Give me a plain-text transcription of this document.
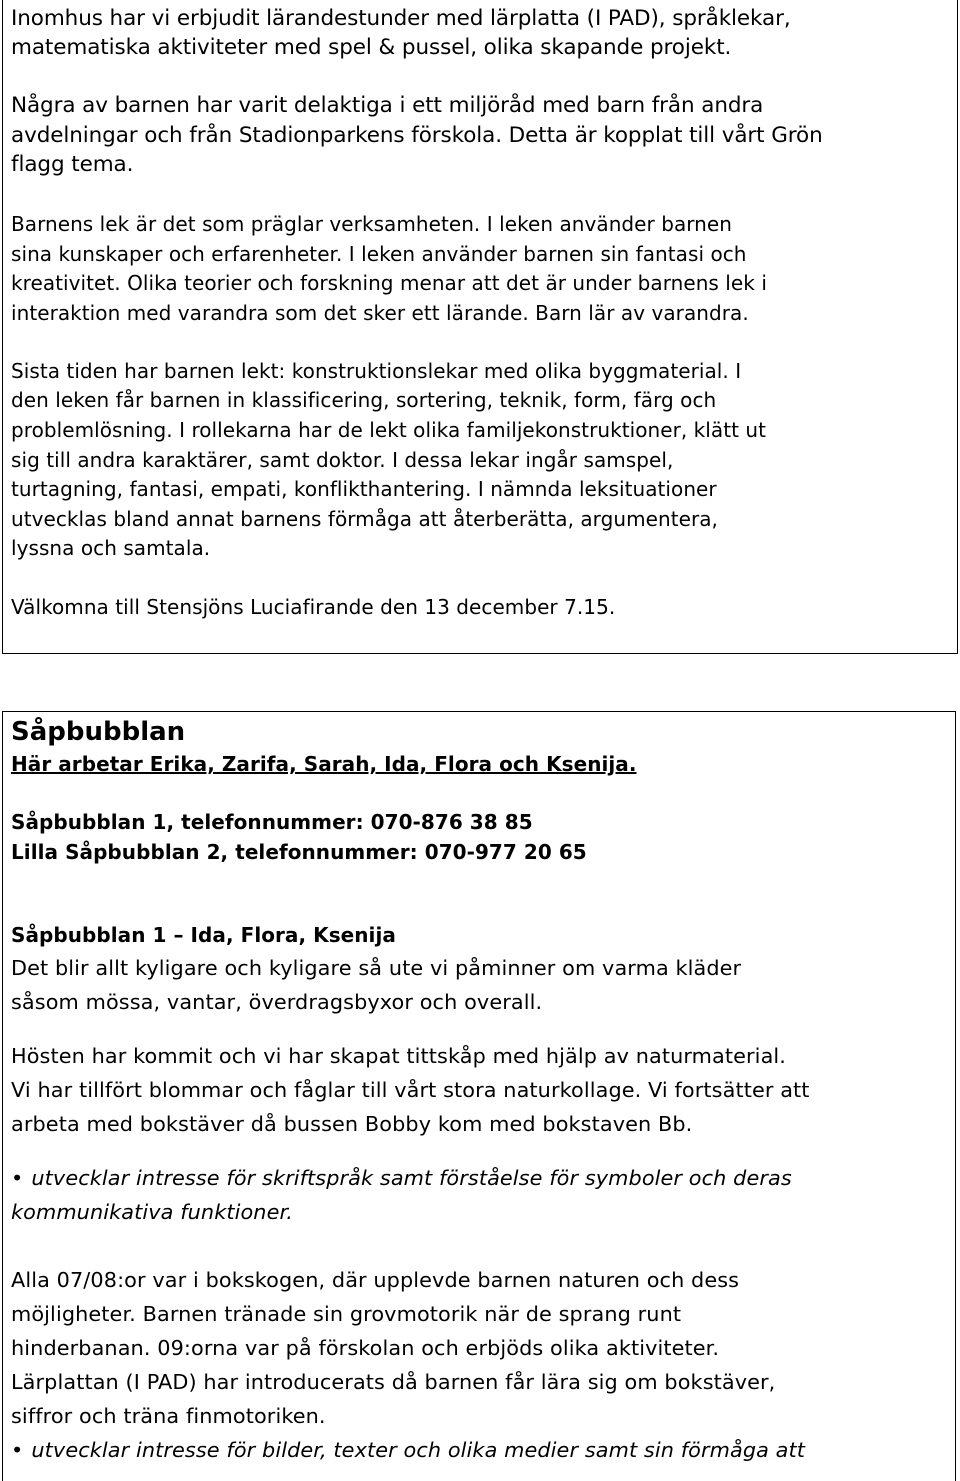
Inomhus har vi erbjudit lärandestunder med lärplatta (I PAD), språklekar,

matematiska aktiviteter med spel & pussel, olika skapande projekt.

Några av barnen har varit delaktiga i ett miljöråd med barn från andra

avdelningar och från Stadionparkens förskola. Detta är kopplat till vårt Grön

flagg tema.

Barnens lek är det som präglar verksamheten. I leken använder barnen

sina kunskaper och erfarenheter. I leken använder barnen sin fantasi och

kreativitet. Olika teorier och forskning menar att det är under barnens lek i

interaktion med varandra som det sker ett lärande. Barn lär av varandra.

Sista tiden har barnen lekt: konstruktionslekar med olika byggmaterial. I

den leken får barnen in klassificering, sortering, teknik, form, färg och

problemlösning. I rollekarna har de lekt olika familjekonstruktioner, klätt ut

sig till andra karaktärer, samt doktor. I dessa lekar ingår samspel,

turtagning, fantasi, empati, konflikthantering. I nämnda leksituationer

utvecklas bland annat barnens förmåga att återberätta, argumentera,

lyssna och samtala.

Välkomna till Stensjöns Luciafirande den 13 december 7.15.

Såpbubblan

Här arbetar Erika, Zarifa, Sarah, Ida, Flora och Ksenija.

Såpbubblan 1, telefonnummer: 070-876 38 85

Lilla Såpbubblan 2, telefonnummer: 070-977 20 65

Såpbubblan 1 – Ida, Flora, Ksenija

Det blir allt kyligare och kyligare så ute vi påminner om varma kläder

såsom mössa, vantar, överdragsbyxor och overall.

Hösten har kommit och vi har skapat tittskåp med hjälp av naturmaterial.

Vi har tillfört blommar och fåglar till vårt stora naturkollage. Vi fortsätter att

arbeta med bokstäver då bussen Bobby kom med bokstaven Bb.

• utvecklar intresse för skriftspråk samt förståelse för symboler och deras

kommunikativa funktioner.

Alla 07/08:or var i bokskogen, där upplevde barnen naturen och dess

möjligheter. Barnen tränade sin grovmotorik när de sprang runt

hinderbanan. 09:orna var på förskolan och erbjöds olika aktiviteter.

Lärplattan (I PAD) har introducerats då barnen får lära sig om bokstäver,

siffror och träna finmotoriken.

• utvecklar intresse för bilder, texter och olika medier samt sin förmåga att
